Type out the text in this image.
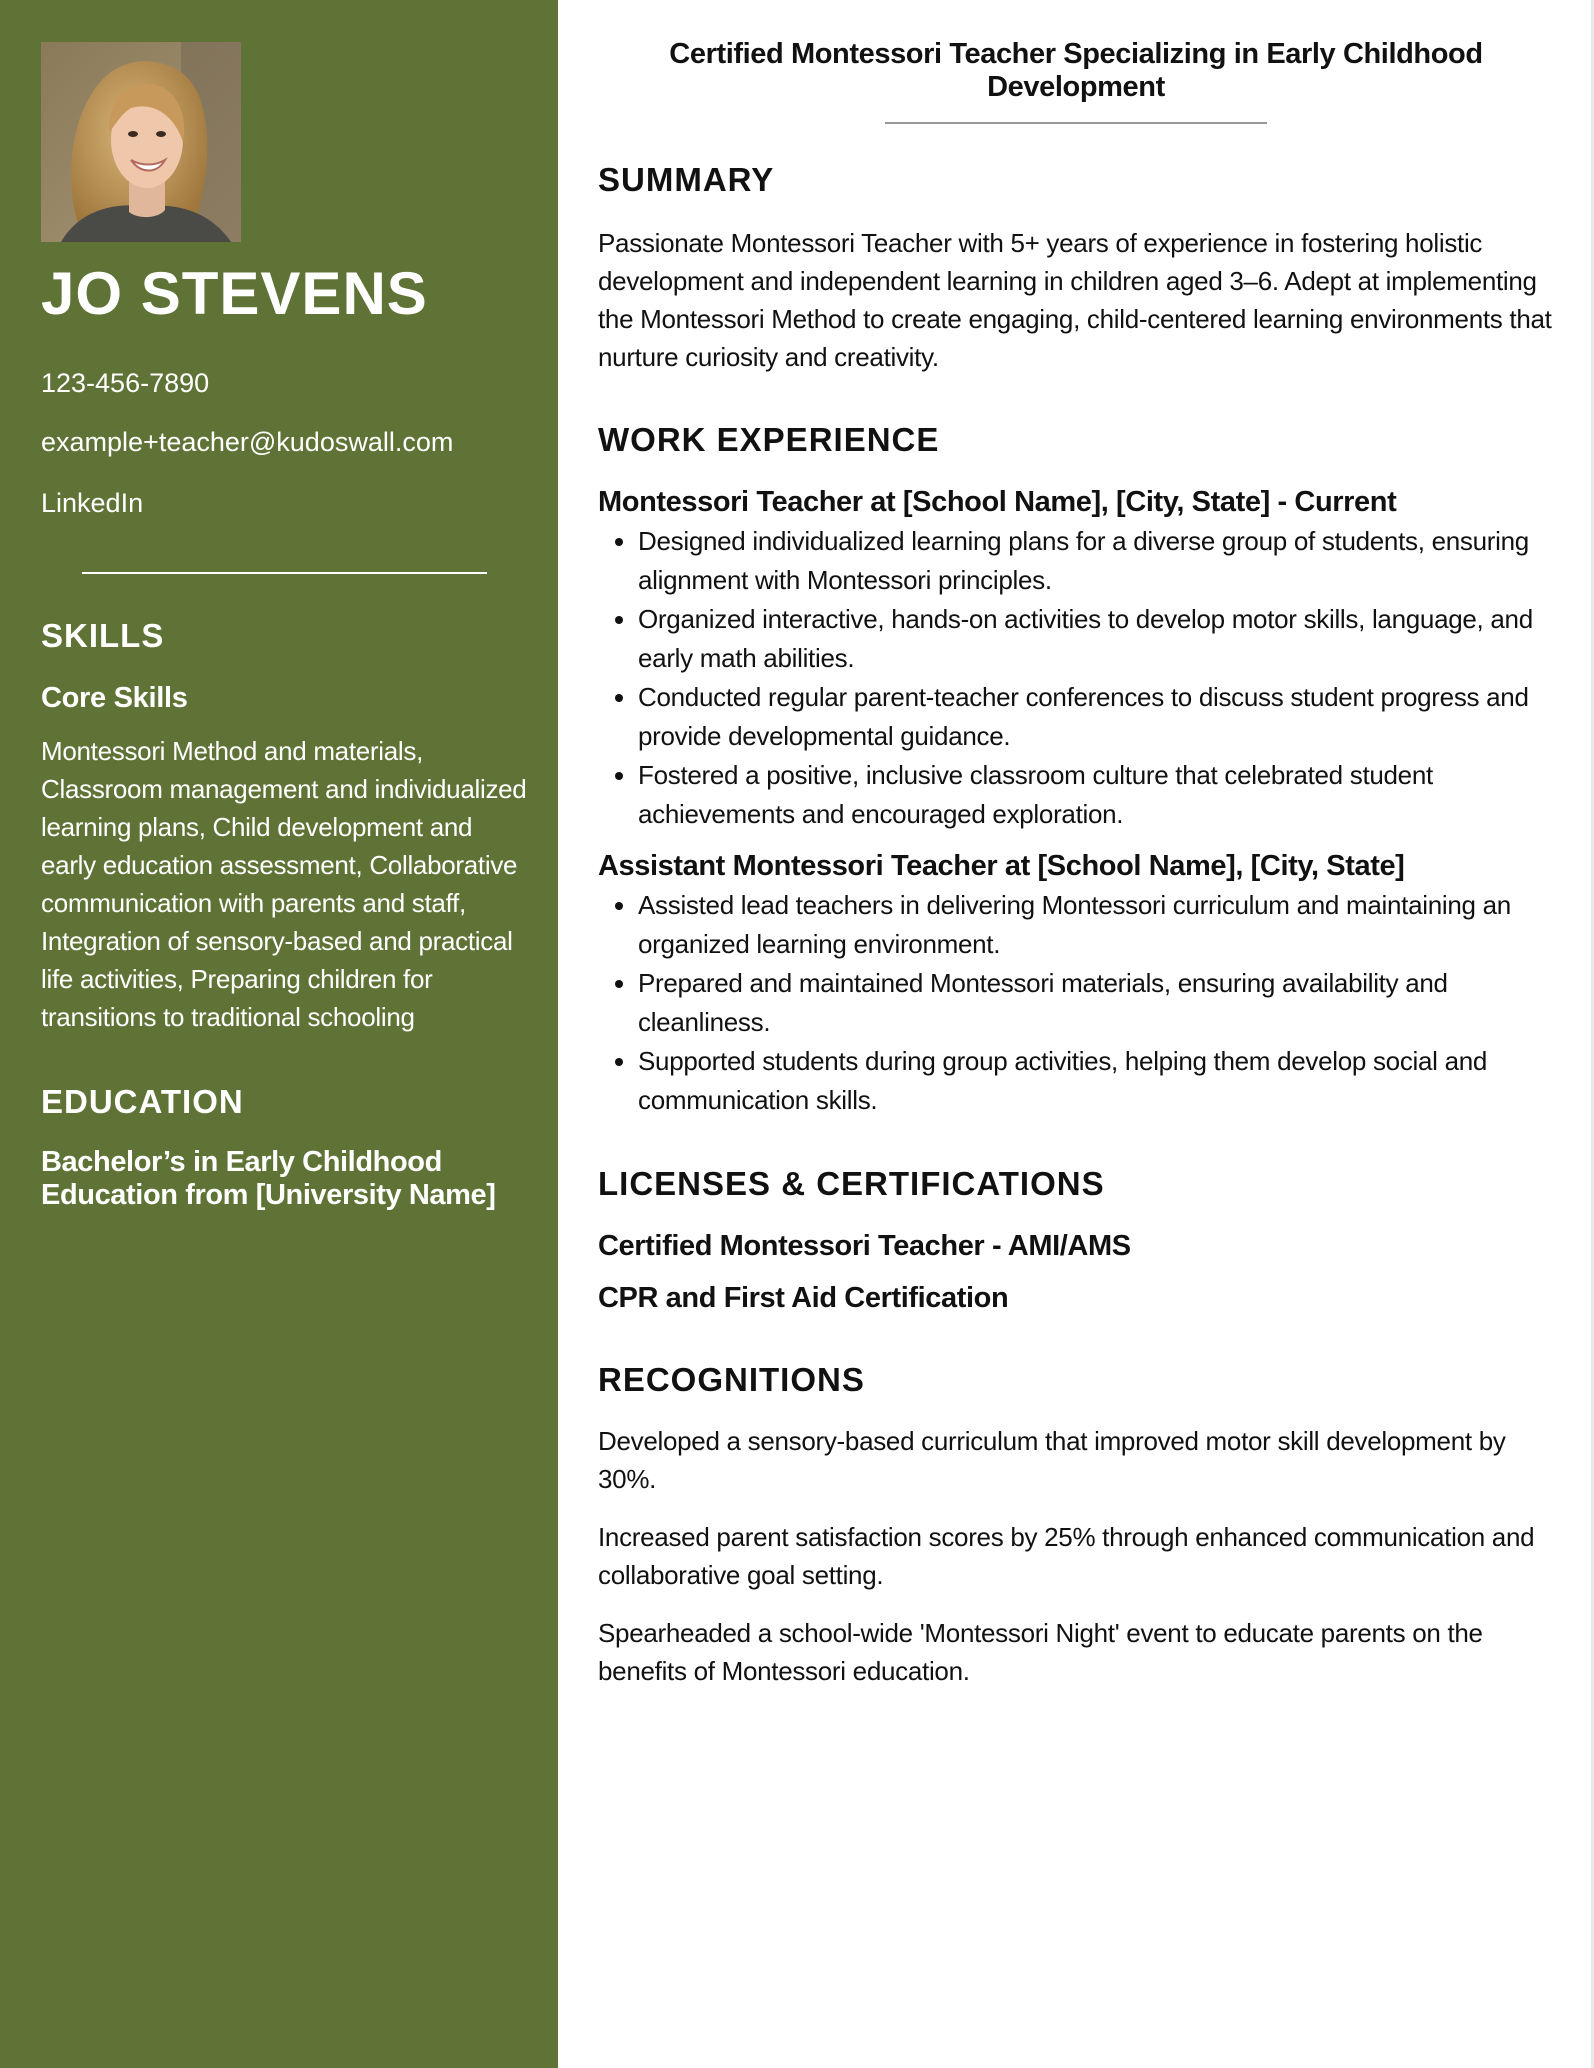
JO STEVENS
123-456-7890
example+teacher@kudoswall.com
LinkedIn
SKILLS
Core Skills
Montessori Method and materials, Classroom management and individualized learning plans, Child development and early education assessment, Collaborative communication with parents and staff, Integration of sensory-based and practical life activities, Preparing children for transitions to traditional schooling
EDUCATION
Bachelor’s in Early Childhood Education from [University Name]
Certified Montessori Teacher Specializing in Early Childhood Development
SUMMARY

Passionate Montessori Teacher with 5+ years of experience in fostering holistic development and independent learning in children aged 3–6. Adept at implementing the Montessori Method to create engaging, child-centered learning environments that nurture curiosity and creativity.

WORK EXPERIENCE
Montessori Teacher at [School Name], [City, State] - Current
• Designed individualized learning plans for a diverse group of students, ensuring alignment with Montessori principles.
• Organized interactive, hands-on activities to develop motor skills, language, and early math abilities.
• Conducted regular parent-teacher conferences to discuss student progress and provide developmental guidance.
• Fostered a positive, inclusive classroom culture that celebrated student achievements and encouraged exploration.
Assistant Montessori Teacher at [School Name], [City, State]
• Assisted lead teachers in delivering Montessori curriculum and maintaining an organized learning environment.
• Prepared and maintained Montessori materials, ensuring availability and cleanliness.
• Supported students during group activities, helping them develop social and communication skills.
LICENSES & CERTIFICATIONS
Certified Montessori Teacher - AMI/AMS
CPR and First Aid Certification
RECOGNITIONS

Developed a sensory-based curriculum that improved motor skill development by 30%.

Increased parent satisfaction scores by 25% through enhanced communication and collaborative goal setting.

Spearheaded a school-wide 'Montessori Night' event to educate parents on the benefits of Montessori education.
